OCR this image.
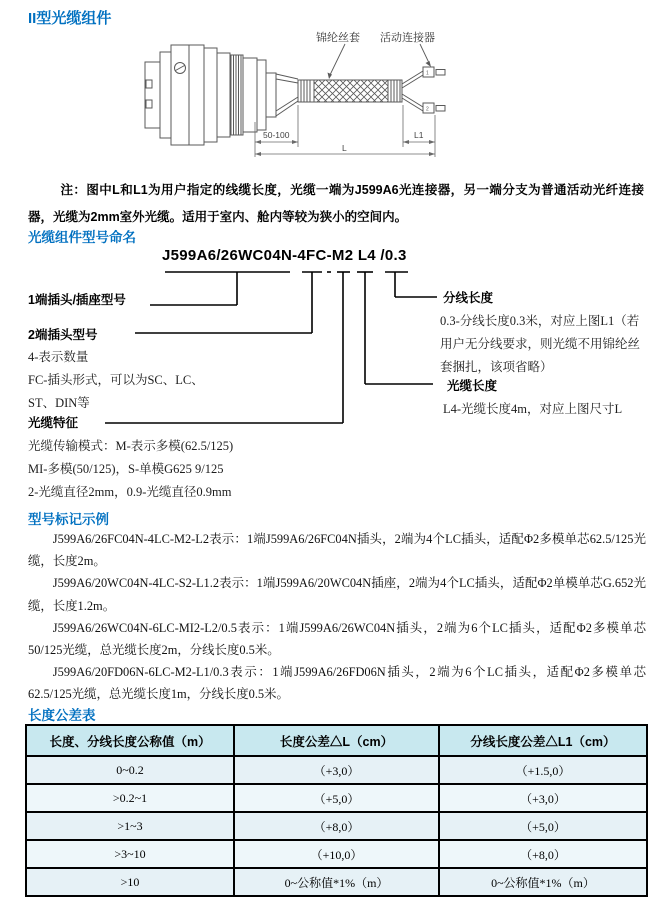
II型光缆组件
1
2
锦纶丝套 活动连接器
50-100
L
L1
注：图中L和L1为用户指定的线缆长度，光缆一端为J599A6光连接器，另一端分支为普通活动光纤连接器，光缆为2mm室外光缆。适用于室内、舱内等较为狭小的空间内。
光缆组件型号命名
J599A6/26WC04N-4FC-M2 L4 /0.3
1端插头/插座型号
2端插头型号
4-表示数量
FC-插头形式，可以为SC、LC、
ST、DIN等
光缆特征
光缆传输模式：M-表示多模(62.5/125)
MI-多模(50/125)，S-单模G625 9/125
2-光缆直径2mm，0.9-光缆直径0.9mm
分线长度
0.3-分线长度0.3米，对应上图L1（若
用户无分线要求，则光缆不用锦纶丝
套捆扎，该项省略）
光缆长度
L4-光缆长度4m，对应上图尺寸L
型号标记示例

J599A6/26FC04N-4LC-M2-L2表示：1端J599A6/26FC04N插头，2端为4个LC插头，适配Φ2多模单芯62.5/125光缆，长度2m。

J599A6/20WC04N-4LC-S2-L1.2表示：1端J599A6/20WC04N插座，2端为4个LC插头，适配Φ2单模单芯G.652光缆，长度1.2m。

J599A6/26WC04N-6LC-MI2-L2/0.5表示：1端J599A6/26WC04N插头，2端为6个LC插头，适配Φ2多模单芯50/125光缆，总光缆长度2m，分线长度0.5米。

J599A6/20FD06N-6LC-M2-L1/0.3表示：1端J599A6/26FD06N插头，2端为6个LC插头，适配Φ2多模单芯62.5/125光缆，总光缆长度1m，分线长度0.5米。

长度公差表
长度、分线长度公称值（m）	长度公差△L（cm）	分线长度公差△L1（cm）
0~0.2	（+3,0）	（+1.5,0）
>0.2~1	（+5,0）	（+3,0）
>1~3	（+8,0）	（+5,0）
>3~10	（+10,0）	（+8,0）
>10	0~公称值*1%（m）	0~公称值*1%（m）
